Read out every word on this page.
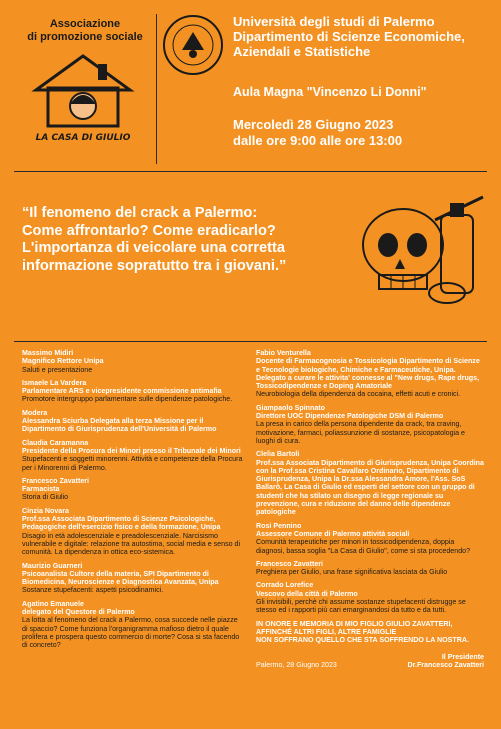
Associazione
di promozione sociale
LA CASA DI GIULIO
Università degli studi di Palermo
Dipartimento di Scienze Economiche,
Aziendali e Statistiche
Aula Magna "Vincenzo Li Donni"
Mercoledì 28 Giugno 2023
dalle ore 9:00 alle ore 13:00
“Il fenomeno del crack a Palermo:
Come affrontarlo? Come eradicarlo?
L'importanza di veicolare una corretta
informazione sopratutto tra i giovani.”
Massimo Midiri
Magnifico Rettore Unipa
Saluti e presentazione
Ismaele La Vardera
Parlamentare ARS e vicepresidente commissione antimafia
Promotore intergruppo parlamentare sulle dipendenze patologiche.
Modera
Alessandra Sciurba Delegata alla terza Missione per il Dipartimento di Giurisprudenza dell'Università di Palermo
Claudia Caramanna
Presidente della Procura dei Minori presso il Tribunale dei Minori
Stupefacenti e soggetti minorenni. Attività e competenze della Procura per i Minorenni di Palermo.
Francesco Zavatteri
Farmacista
Storia di Giulio
Cinzia Novara
Prof.ssa Associata Dipartimento di Scienze Psicologiche, Pedagogiche dell'esercizio fisico e della formazione, Unipa
Disagio in età adolescenziale e preadolescenziale. Narcisismo vulnerabile e digitale: relazione tra autostima, social media e senso di comunità. La dipendenza in ottica eco-sistemica.
Maurizio Guarneri
Psicoanalista Cultore della materia, SPI Dipartimento di Biomedicina, Neuroscienze e Diagnostica Avanzata, Unipa
Sostanze stupefacenti: aspetti psicodinamici.
Agatino Emanuele
delegato del Questore di Palermo
La lotta al fenomeno del crack a Palermo, cosa succede nelle piazze di spaccio? Come funziona l'organigramma mafioso dietro il quale prolifera e prospera questo commercio di morte? Cosa si sta facendo di concreto?
Fabio Venturella
Docente di Farmacognosia e Tossicologia Dipartimento di Scienze e Tecnologie biologiche, Chimiche e Farmaceutiche, Unipa. Delegato a curare le attivita' connesse al "New drugs, Rape drugs, Tossicodipendenze e Doping Amatoriale
Neurobiologia della dipendenza da cocaina, effetti acuti e cronici.
Giampaolo Spinnato
Direttore UOC Dipendenze Patologiche DSM di Palermo
La presa in carico della persona dipendente da crack, tra craving, motivazione, farmaci, poliassunzione di sostanze, psicopatologia e luoghi di cura.
Clelia Bartoli
Prof.ssa Associata Dipartimento di Giurisprudenza, Unipa Coordina con la Prof.ssa Cristina Cavallaro Ordinario, Dipartimento di Giurisprudenza, Unipa la Dr.ssa Alessandra Amore, l'Ass. SoS Ballarò, La Casa di Giulio ed esperti del settore con un gruppo di studenti che ha stilato un disegno di legge regionale su prevenzione, cura e riduzione del danno delle dipendenze patologiche
Rosi Pennino
Assessore Comune di Palermo attività sociali
Comunità terapeutiche per minori in tossicodipendenza, doppia diagnosi, bassa soglia "La Casa di Giulio", come si sta procedendo?
Francesco Zavatteri
Preghiera per Giulio, una frase significativa lasciata da Giulio
Corrado Lorefice
Vescovo della città di Palermo
Gli invisibili, perchè chi assume sostanze stupefacenti distrugge se stesso ed i rapporti più cari emarginandosi da tutto e da tutti.
IN ONORE E MEMORIA DI MIO FIGLIO GIULIO ZAVATTERI,
AFFINCHÉ ALTRI FIGLI, ALTRE FAMIGLIE
NON SOFFRANO QUELLO CHE STA SOFFRENDO LA NOSTRA.
Palermo, 28 Giugno 2023
Il Presidente
Dr.Francesco Zavatteri
